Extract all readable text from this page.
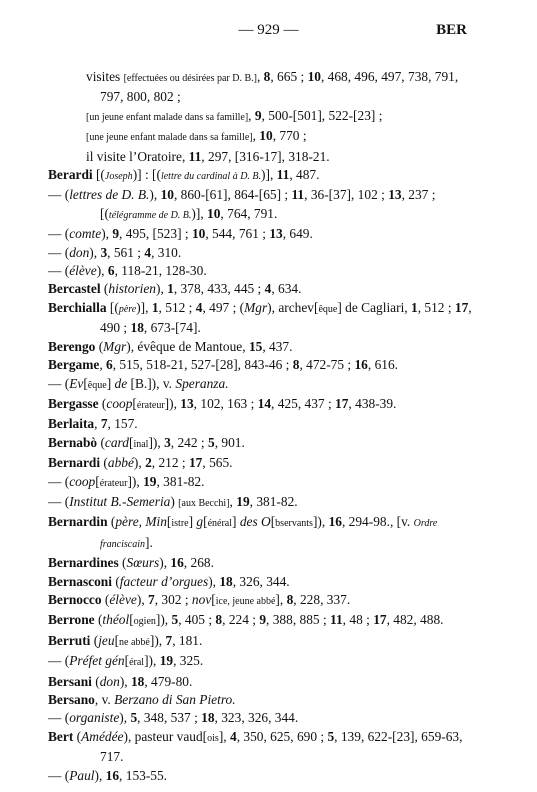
— 929 —	BER
visites [effectuées ou désirées par D. B.], 8, 665 ; 10, 468, 496, 497, 738, 791, 797, 800, 802 ;
[un jeune enfant malade dans sa famille], 9, 500-[501], 522-[23] ;
[une jeune enfant malade dans sa famille], 10, 770 ;
il visite l’Oratoire, 11, 297, [316-17], 318-21.
Berardi [(Joseph)] : [(lettre du cardinal à D. B.)], 11, 487.
— (lettres de D. B.), 10, 860-[61], 864-[65] ; 11, 36-[37], 102 ; 13, 237 ; [(télégramme de D. B.)], 10, 764, 791.
— (comte), 9, 495, [523] ; 10, 544, 761 ; 13, 649.
— (don), 3, 561 ; 4, 310.
— (élève), 6, 118-21, 128-30.
Bercastel (historien), 1, 378, 433, 445 ; 4, 634.
Berchialla [(père)], 1, 512 ; 4, 497 ; (Mgr), archev[êque] de Cagliari, 1, 512 ; 17, 490 ; 18, 673-[74].
Berengo (Mgr), évêque de Mantoue, 15, 437.
Bergame, 6, 515, 518-21, 527-[28], 843-46 ; 8, 472-75 ; 16, 616.
— (Ev[êque] de [B.]), v. Speranza.
Bergasse (coop[érateur]), 13, 102, 163 ; 14, 425, 437 ; 17, 438-39.
Berlaita, 7, 157.
Bernabò (card[inal]), 3, 242 ; 5, 901.
Bernardi (abbé), 2, 212 ; 17, 565.
— (coop[érateur]), 19, 381-82.
— (Institut B.-Semeria) [aux Becchi], 19, 381-82.
Bernardin (père, Min[istre] g[énéral] des O[bservants]), 16, 294-98., [v. Ordre franciscain].
Bernardines (Sœurs), 16, 268.
Bernasconi (facteur d’orgues), 18, 326, 344.
Bernocco (élève), 7, 302 ; nov[ice, jeune abbé], 8, 228, 337.
Berrone (théol[ogien]), 5, 405 ; 8, 224 ; 9, 388, 885 ; 11, 48 ; 17, 482, 488.
Berruti (jeu[ne abbé]), 7, 181.
— (Préfet gén[éral]), 19, 325.
Bersani (don), 18, 479-80.
Bersano, v. Berzano di San Pietro.
— (organiste), 5, 348, 537 ; 18, 323, 326, 344.
Bert (Amédée), pasteur vaud[ois], 4, 350, 625, 690 ; 5, 139, 622-[23], 659-63, 717.
— (Paul), 16, 153-55.
